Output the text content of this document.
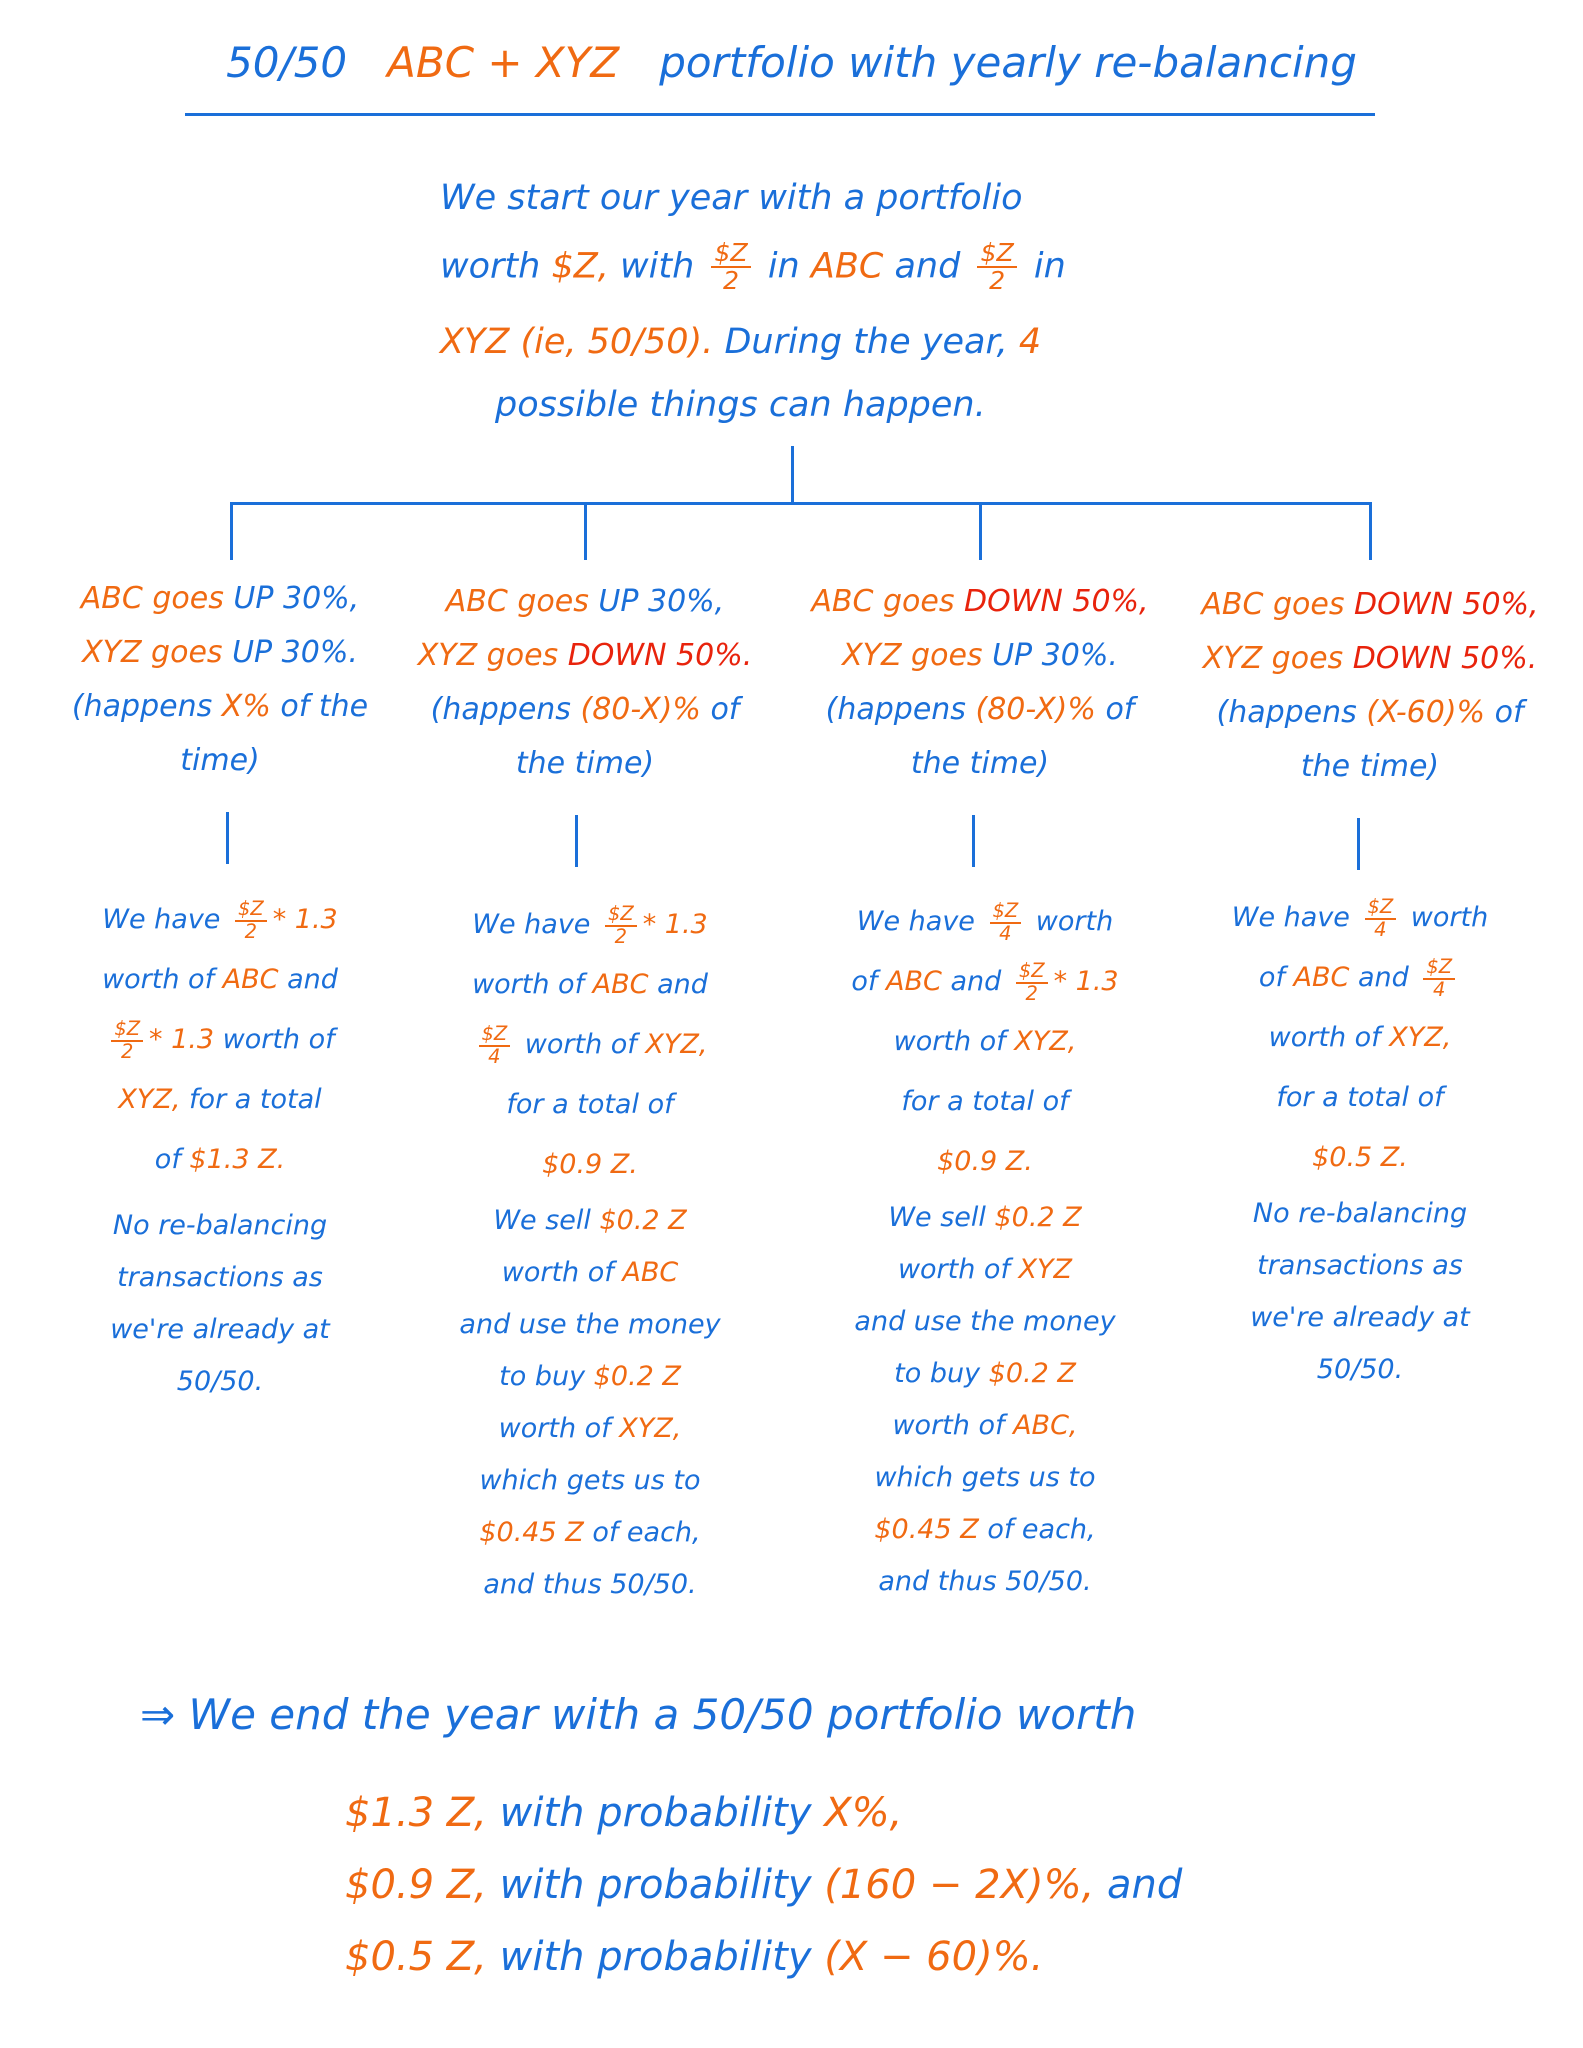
50/50 ABC + XYZ portfolio with yearly re-balancing
We start our year with a portfolio
worth $Z, with $\frac{\$Z}{2}$ in ABC and $\frac{\$Z}{2}$ in
XYZ (ie, 50/50). During the year, 4
possible things can happen.
ABC goes UP 30%,
XYZ goes UP 30%.
(happens X% of the
time)
ABC goes UP 30%,
XYZ goes DOWN 50%.
(happens (80-X)% of
the time)
ABC goes DOWN 50%,
XYZ goes UP 30%.
(happens (80-X)% of
the time)
ABC goes DOWN 50%,
XYZ goes DOWN 50%.
(happens (X-60)% of
the time)
We have $\frac{\$Z}{2} * 1.3$
worth of ABC and
$\frac{\$Z}{2} * 1.3$ worth of
XYZ, for a total
of $1.3 Z.
No re-balancing
transactions as
we're already at
50/50.
We have $\frac{\$Z}{2} * 1.3$
worth of ABC and
$\frac{\$Z}{4}$ worth of XYZ,
for a total of
$0.9 Z.
We sell $0.2 Z
worth of ABC
and use the money
to buy $0.2 Z
worth of XYZ,
which gets us to
$0.45 Z of each,
and thus 50/50.
We have $\frac{\$Z}{4}$ worth
of ABC and $\frac{\$Z}{2} * 1.3$
worth of XYZ,
for a total of
$0.9 Z.
We sell $0.2 Z
worth of XYZ
and use the money
to buy $0.2 Z
worth of ABC,
which gets us to
$0.45 Z of each,
and thus 50/50.
We have $\frac{\$Z}{4}$ worth
of ABC and $\frac{\$Z}{4}$
worth of XYZ,
for a total of
$0.5 Z.
No re-balancing
transactions as
we're already at
50/50.
⇒ We end the year with a 50/50 portfolio worth
$1.3 Z, with probability X%,
$0.9 Z, with probability (160 − 2X)%, and
$0.5 Z, with probability (X − 60)%.
